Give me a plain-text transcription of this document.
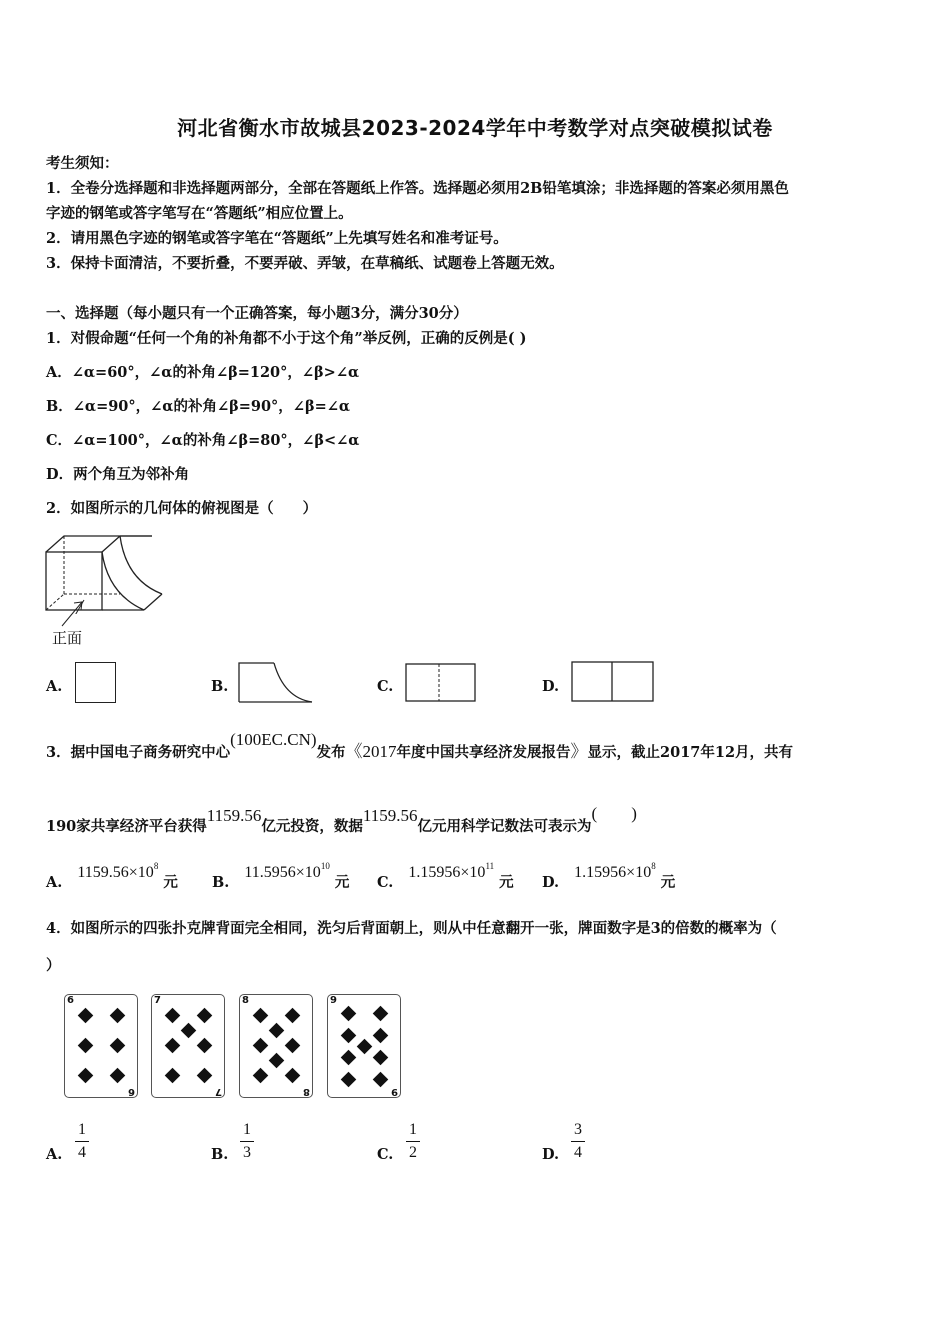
河北省衡水市故城县2023-2024学年中考数学对点突破模拟试卷
考生须知：
1．全卷分选择题和非选择题两部分，全部在答题纸上作答。选择题必须用2B铅笔填涂；非选择题的答案必须用黑色
字迹的钢笔或答字笔写在“答题纸”相应位置上。
2．请用黑色字迹的钢笔或答字笔在“答题纸”上先填写姓名和准考证号。
3．保持卡面清洁，不要折叠，不要弄破、弄皱，在草稿纸、试题卷上答题无效。
一、选择题（每小题只有一个正确答案，每小题3分，满分30分）
1．对假命题“任何一个角的补角都不小于这个角”举反例，正确的反例是( )
A．∠α=60°，∠α的补角∠β=120°，∠β>∠α
B．∠α=90°，∠α的补角∠β=90°，∠β=∠α
C．∠α=100°，∠α的补角∠β=80°，∠β<∠α
D．两个角互为邻补角
2．如图所示的几何体的俯视图是（　　）
正面
A.	B.	C.	D.
3．据中国电子商务研究中心(100EC.CN)发布《2017年度中国共享经济发展报告》显示，截止2017年12月，共有
190家共享经济平台获得1159.56亿元投资，数据1159.56亿元用科学记数法可表示为(　　)
A. $1159.56\times 10^8$ 元 B. $11.5956\times 10^{10}$ 元 C. $1.15956\times 10^{11}$ 元 D. $1.15956\times 10^8$ 元
4．如图所示的四张扑克牌背面完全相同，洗匀后背面朝上，则从中任意翻开一张，牌面数字是3的倍数的概率为（
）
6
6
7
7
8
8
9
9
A.
1
4	B.
1
3	C.
1
2	D.
3
4
